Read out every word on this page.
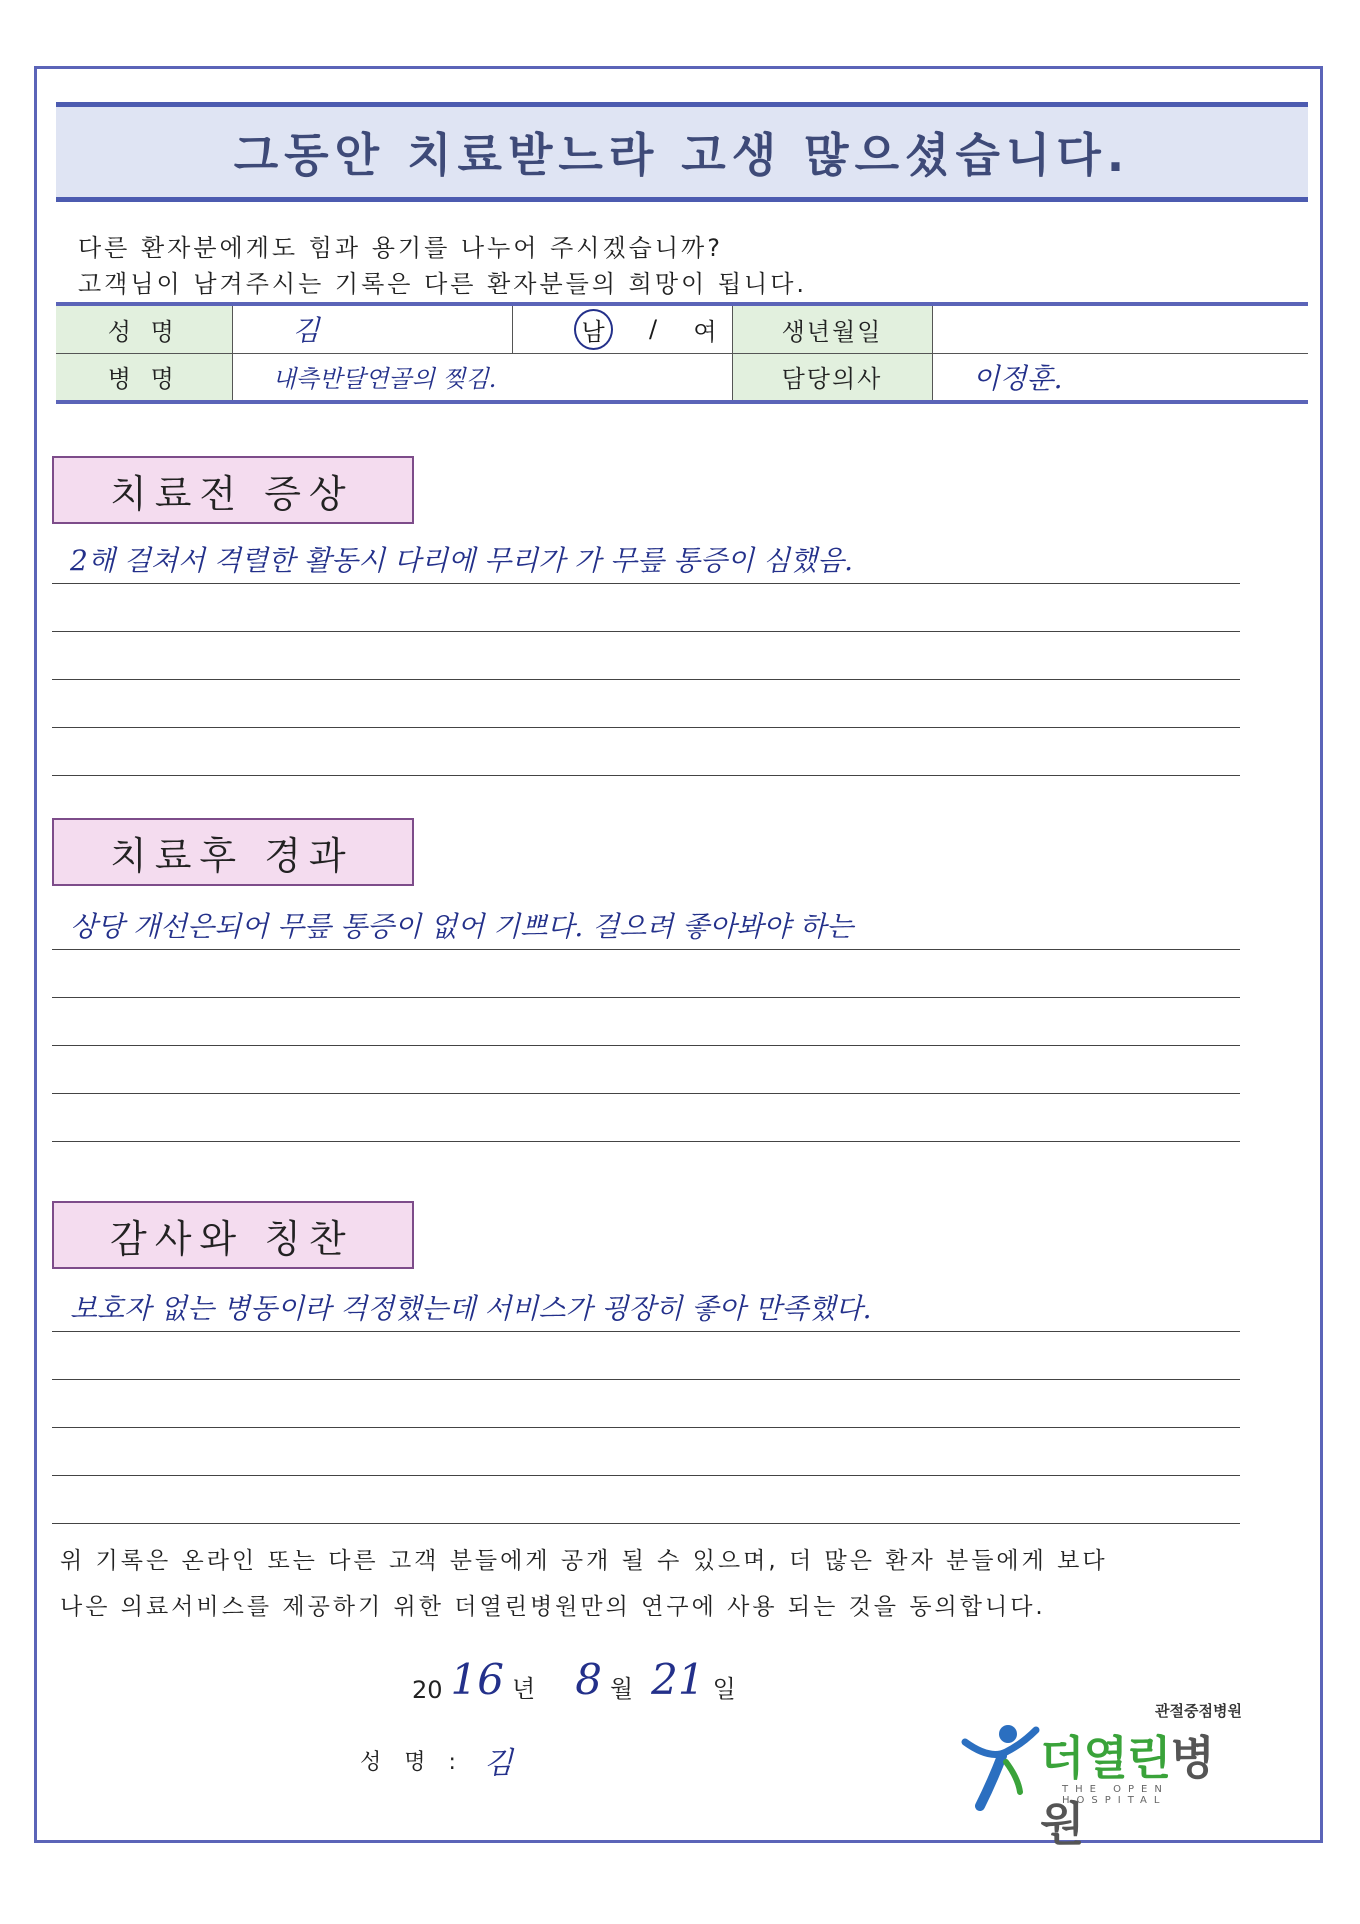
그동안 치료받느라 고생 많으셨습니다.
다른 환자분에게도 힘과 용기를 나누어 주시겠습니까?
고객님이 남겨주시는 기록은 다른 환자분들의 희망이 됩니다.
성 명	김	남 / 여	생년월일	
병 명	내측반달연골의 찢김.		담당의사	이정훈.
치료전 증상
2해 걸쳐서 격렬한 활동시 다리에 무리가 가 무릎 통증이 심했음.
치료후 경과
상당 개선은되어 무릎 통증이 없어 기쁘다. 걸으려 좋아봐야 하는
감사와 칭찬
보호자 없는 병동이라 걱정했는데 서비스가 굉장히 좋아 만족했다.
위 기록은 온라인 또는 다른 고객 분들에게 공개 될 수 있으며, 더 많은 환자 분들에게 보다
나은 의료서비스를 제공하기 위한 더열린병원만의 연구에 사용 되는 것을 동의합니다.
20 16 년 8 월 21 일
성 명 : 김
관절중점병원
더열린병원
THE OPEN HOSPITAL
